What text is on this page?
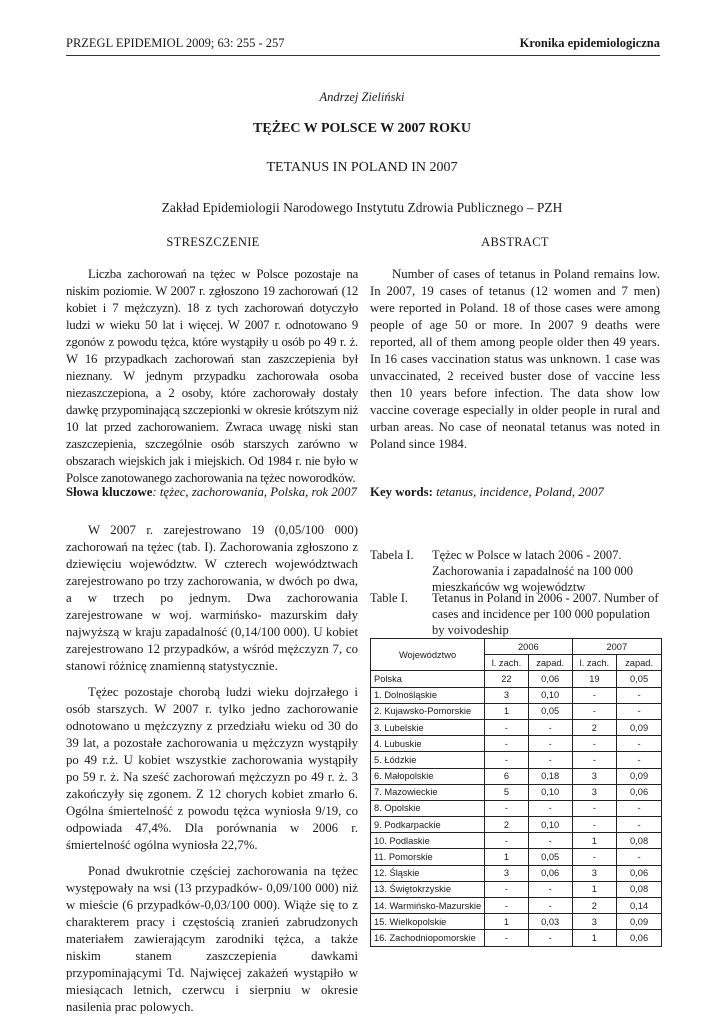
PRZEGL EPIDEMIOL 2009; 63: 255 - 257	Kronika epidemiologiczna
Andrzej Zieliński
TĘŻEC W POLSCE W 2007 ROKU
TETANUS IN POLAND IN 2007
Zakład Epidemiologii Narodowego Instytutu Zdrowia Publicznego – PZH
STRESZCZENIE	ABSTRACT
Liczba zachorowań na tężec w Polsce pozostaje na niskim poziomie. W 2007 r. zgłoszono 19 zachorowań (12 kobiet i 7 mężczyzn). 18 z tych zachorowań dotyczyło ludzi w wieku 50 lat i więcej. W 2007 r. odnotowano 9 zgonów z powodu tężca, które wystąpiły u osób po 49 r. ż. W 16 przypadkach zachorowań stan zaszczepienia był nieznany. W jednym przypadku zachorowała osoba niezaszczepiona, a 2 osoby, które zachorowały dostały dawkę przypominającą szczepionki w okresie krótszym niż 10 lat przed zachorowaniem. Zwraca uwagę niski stan zaszczepienia, szczególnie osób starszych zarówno w obszarach wiejskich jak i miejskich. Od 1984 r. nie było w Polsce zanotowanego zachorowania na tężec noworodków.
Number of cases of tetanus in Poland remains low. In 2007, 19 cases of tetanus (12 women and 7 men) were reported in Poland. 18 of those cases were among people of age 50 or more. In 2007 9 deaths were reported, all of them among people older then 49 years. In 16 cases vaccination status was unknown. 1 case was unvaccinated, 2 received buster dose of vaccine less then 10 years before infection. The data show low vaccine coverage especially in older people in rural and urban areas. No case of neonatal tetanus was noted in Poland since 1984.
Słowa kluczowe: tężec, zachorowania, Polska, rok 2007 Key words: tetanus, incidence, Poland, 2007

W 2007 r. zarejestrowano 19 (0,05/100 000) zachorowań na tężec (tab. I). Zachorowania zgłoszono z dziewięciu województw. W czterech województwach zarejestrowano po trzy zachorowania, w dwóch po dwa, a w trzech po jednym. Dwa zachorowania zarejestrowane w woj. warmińsko- mazurskim dały najwyższą w kraju zapadalność (0,14/100 000). U kobiet zarejestrowano 12 przypadków, a wśród mężczyzn 7, co stanowi różnicę znamienną statystycznie.

Tężec pozostaje chorobą ludzi wieku dojrzałego i osób starszych. W 2007 r. tylko jedno zachorowanie odnotowano u mężczyzny z przedziału wieku od 30 do 39 lat, a pozostałe zachorowania u mężczyzn wystąpiły po 49 r.ż. U kobiet wszystkie zachorowania wystąpiły po 59 r. ż. Na sześć zachorowań mężczyzn po 49 r. ż. 3 zakończyły się zgonem. Z 12 chorych kobiet zmarło 6. Ogólna śmiertelność z powodu tężca wyniosła 9/19, co odpowiada 47,4%. Dla porównania w 2006 r. śmiertelność ogólna wyniosła 22,7%.

Ponad dwukrotnie częściej zachorowania na tężec występowały na wsi (13 przypadków- 0,09/100 000) niż w mieście (6 przypadków-0,03/100 000). Wiąże się to z charakterem pracy i częstością zranień zabrudzonych materiałem zawierającym zarodniki tężca, a także niskim stanem zaszczepienia dawkami przypominającymi Td. Najwięcej zakażeń wystąpiło w miesiącach letnich, czerwcu i sierpniu w okresie nasilenia prac polowych.

Tabela I.	Tężec w Polsce w latach 2006 - 2007. Zachorowania i zapadalność na 100 000 mieszkańców wg województw
Table I.	Tetanus in Poland in 2006 - 2007. Number of cases and incidence per 100 000 population by voivodeship
Województwo	2006		2007	
	l. zach.	zapad.	l. zach.	zapad.
Polska	22	0,06	19	0,05
1. Dolnośląskie	3	0,10	-	-
2. Kujawsko-Pomorskie	1	0,05	-	-
3. Lubelskie	-	-	2	0,09
4. Lubuskie	-	-	-	-
5. Łódzkie	-	-	-	-
6. Małopolskie	6	0,18	3	0,09
7. Mazowieckie	5	0,10	3	0,06
8. Opolskie	-	-	-	-
9. Podkarpackie	2	0,10	-	-
10. Podlaskie	-	-	1	0,08
11. Pomorskie	1	0,05	-	-
12. Śląskie	3	0,06	3	0,06
13. Świętokrzyskie	-	-	1	0,08
14. Warmińsko-Mazurskie	-	-	2	0,14
15. Wielkopolskie	1	0,03	3	0,09
16. Zachodniopomorskie	-	-	1	0,06
